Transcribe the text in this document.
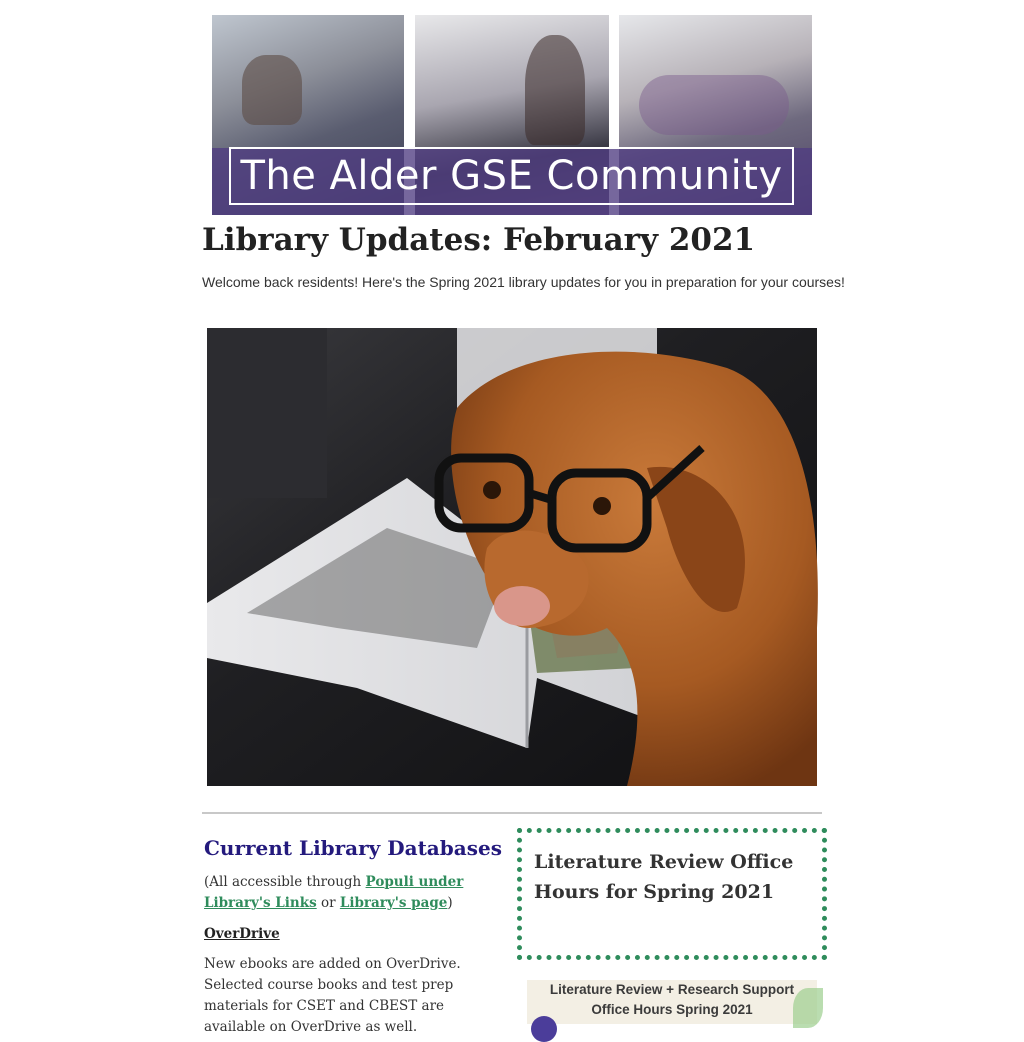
The Alder GSE Community
Library Updates: February 2021

Welcome back residents! Here's the Spring 2021 library updates for you in preparation for your courses!

Current Library Databases

(All accessible through Populi under Library's Links or Library's page)

OverDrive

New ebooks are added on OverDrive. Selected course books and test prep materials for CSET and CBEST are available on OverDrive as well.

Literature Review Office Hours for Spring 2021
Literature Review + Research Support
Office Hours Spring 2021
